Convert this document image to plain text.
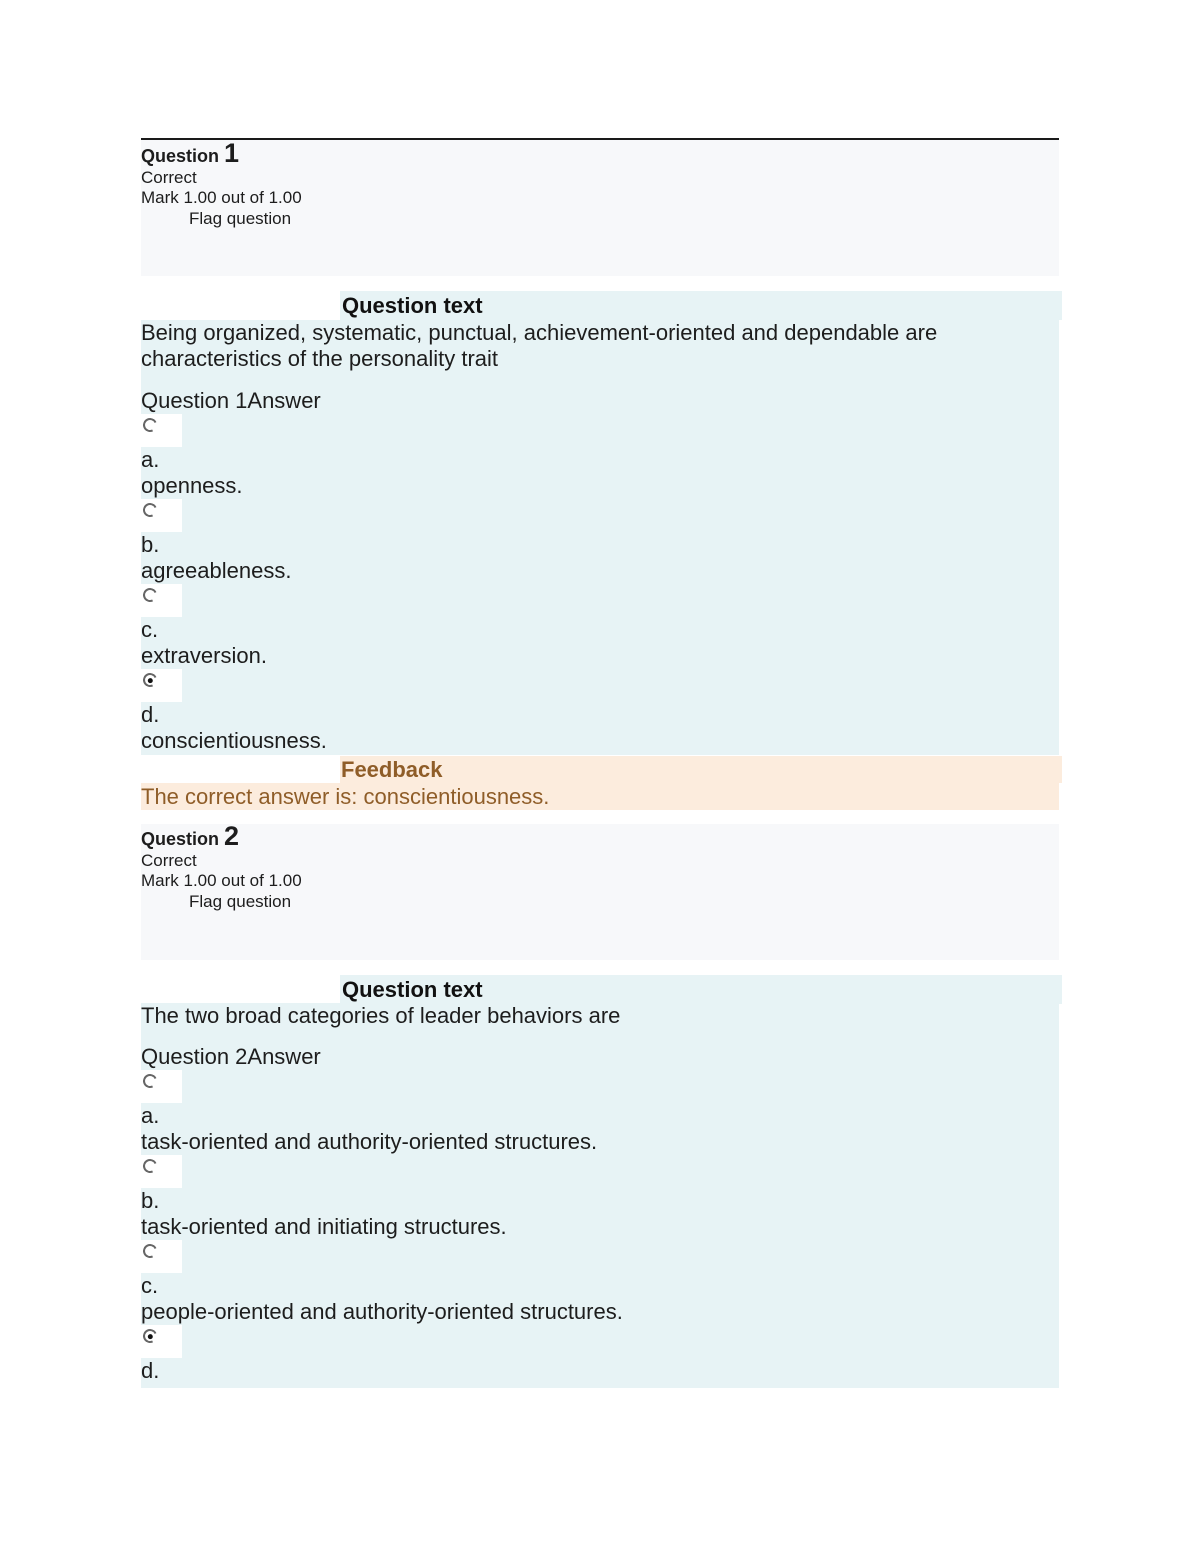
Question 1
Correct
Mark 1.00 out of 1.00
Flag question
Question text

Being organized, systematic, punctual, achievement-oriented and dependable are characteristics of the personality trait

Question 1Answer
a.
openness.
b.
agreeableness.
c.
extraversion.
d.
conscientiousness.
Feedback
The correct answer is: conscientiousness.
Question 2
Correct
Mark 1.00 out of 1.00
Flag question
Question text

The two broad categories of leader behaviors are

Question 2Answer
a.
task-oriented and authority-oriented structures.
b.
task-oriented and initiating structures.
c.
people-oriented and authority-oriented structures.
d.
